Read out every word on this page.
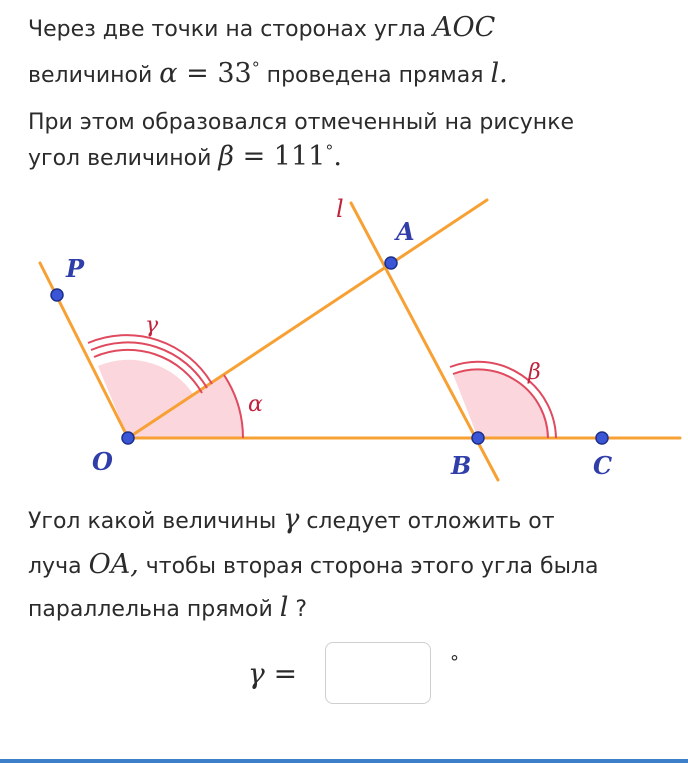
Через две точки на сторонах угла AOC
величиной α = 33° проведена прямая l.
При этом образовался отмеченный на рисунке
угол величиной β = 111°.
l
A
P
γ
α
β
O	B	C
Угол какой величины γ следует отложить от
луча OA, чтобы вторая сторона этого угла была
параллельна прямой l ?
γ =	°
